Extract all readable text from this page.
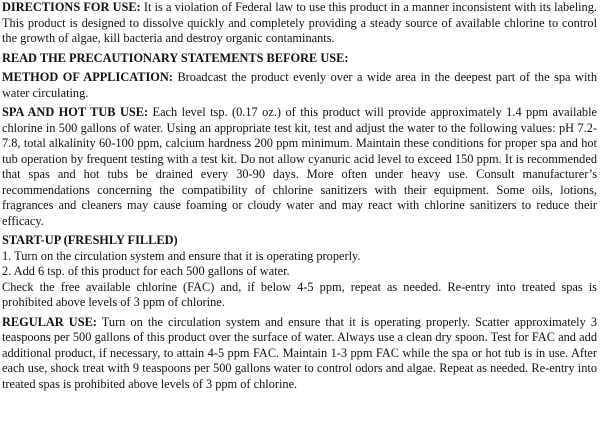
DIRECTIONS FOR USE: It is a violation of Federal law to use this product in a manner inconsistent with its labeling. This product is designed to dissolve quickly and completely providing a steady source of available chlorine to control the growth of algae, kill bacteria and destroy organic contaminants.

READ THE PRECAUTIONARY STATEMENTS BEFORE USE:

METHOD OF APPLICATION: Broadcast the product evenly over a wide area in the deepest part of the spa with water circulating.

SPA AND HOT TUB USE: Each level tsp. (0.17 oz.) of this product will provide approximately 1.4 ppm available chlorine in 500 gallons of water. Using an appropriate test kit, test and adjust the water to the following values: pH 7.2-7.8, total alkalinity 60-100 ppm, calcium hardness 200 ppm minimum. Maintain these conditions for proper spa and hot tub operation by frequent testing with a test kit. Do not allow cyanuric acid level to exceed 150 ppm. It is recommended that spas and hot tubs be drained every 30-90 days. More often under heavy use. Consult manufacturer’s recommendations concerning the compatibility of chlorine sanitizers with their equipment. Some oils, lotions, fragrances and cleaners may cause foaming or cloudy water and may react with chlorine sanitizers to reduce their efficacy.

START-UP (FRESHLY FILLED)
1. Turn on the circulation system and ensure that it is operating properly.
2. Add 6 tsp. of this product for each 500 gallons of water.
Check the free available chlorine (FAC) and, if below 4-5 ppm, repeat as needed. Re-entry into treated spas is prohibited above levels of 3 ppm of chlorine.

REGULAR USE: Turn on the circulation system and ensure that it is operating properly. Scatter approximately 3 teaspoons per 500 gallons of this product over the surface of water. Always use a clean dry spoon. Test for FAC and add additional product, if necessary, to attain 4-5 ppm FAC. Maintain 1-3 ppm FAC while the spa or hot tub is in use. After each use, shock treat with 9 teaspoons per 500 gallons water to control odors and algae. Repeat as needed. Re-entry into treated spas is prohibited above levels of 3 ppm of chlorine.
